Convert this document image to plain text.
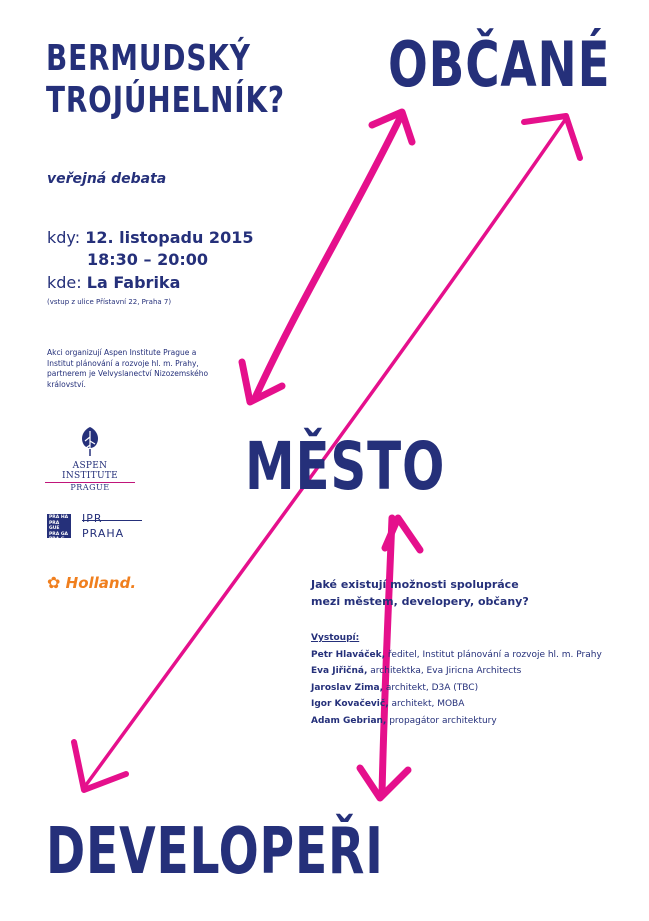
BERMUDSKÝ
TROJÚHELNÍK? OBČANÉ
MĚSTO
DEVELOPEŘI
veřejná debata
kdy: 12. listopadu 2015
18:30 – 20:00
kde: La Fabrika
(vstup z ulice Přístavní 22, Praha 7)
Akci organizují Aspen Institute Prague a Institut plánování a rozvoje hl. m. Prahy, partnerem je Velvyslanectví Nizozemského království.
ASPEN INSTITUTE
PRAGUE
PRA HA PRA GUE PRA GA PRA G
IPR
PRAHA
✿ Holland.	Jaké existují možnosti spolupráce
mezi městem, developery, občany?
Vystoupí:
Petr Hlaváček, ředitel, Institut plánování a rozvoje hl. m. Prahy
Eva Jiřičná, architektka, Eva Jiricna Architects
Jaroslav Zima, architekt, D3A (TBC)
Igor Kovačevič, architekt, MOBA
Adam Gebrian, propagátor architektury
